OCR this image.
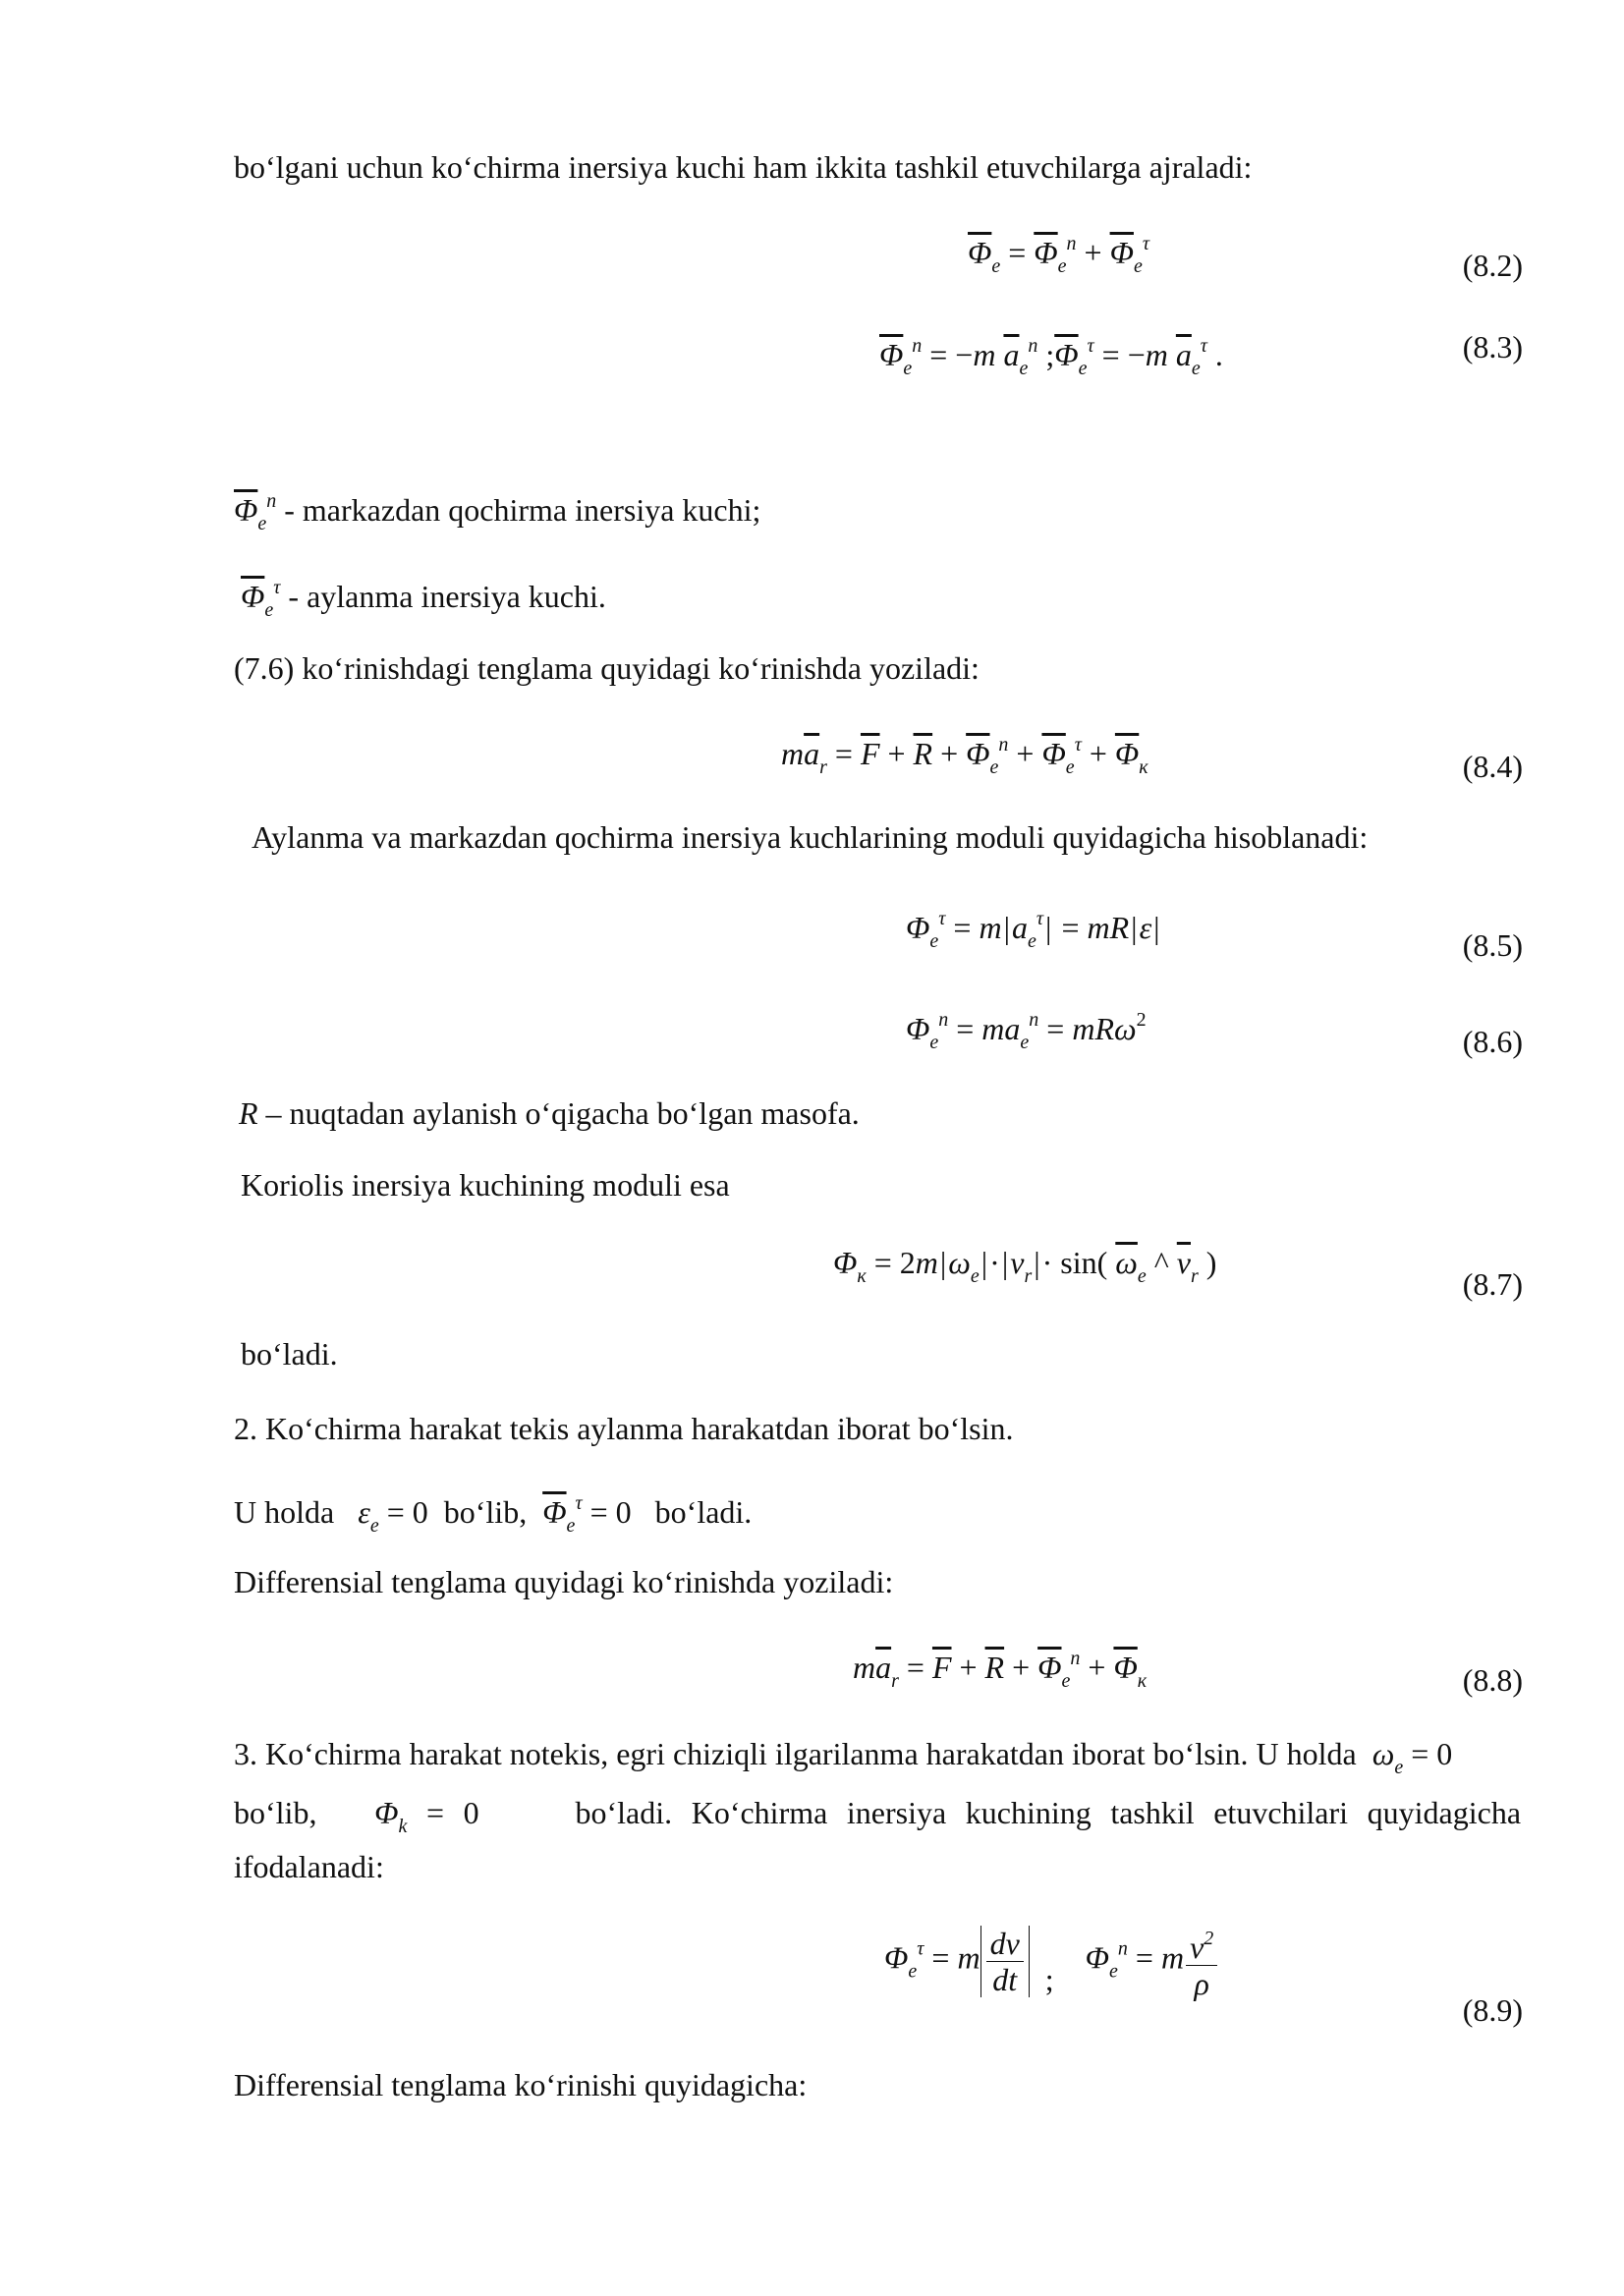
bo‘lgani uchun ko‘chirma inersiya kuchi ham ikkita tashkil etuvchilarga ajraladi:
$\overline{\Phi}_e = \overline{\Phi}_e^n + \overline{\Phi}_e^\tau$
(8.2)
$\overline{\Phi}_e^n = -m$ $\overline{a}_e^n$ $;\overline{\Phi}_e^\tau = -m$ $\overline{a}_e^\tau$ .	(8.3)
$\overline{\Phi}_e^n$ - markazdan qochirma inersiya kuchi;
$\overline{\Phi}_e^\tau$ - aylanma inersiya kuchi.
(7.6) ko‘rinishdagi tenglama quyidagi ko‘rinishda yoziladi:
$m\overline{a}_r = \overline{F} + \overline{R} + \overline{\Phi}_e^n + \overline{\Phi}_e^\tau + \overline{\Phi}_к$	(8.4)
Aylanma va markazdan qochirma inersiya kuchlarining moduli quyidagicha hisoblanadi:
$\Phi_e^\tau = m|a_e^\tau| = mR|\varepsilon|$	(8.5)
$\Phi_e^n = ma_e^n = mR\omega^2$
(8.6)
R – nuqtadan aylanish o‘qigacha bo‘lgan masofa.
Koriolis inersiya kuchining moduli esa
$\Phi_к = 2m|\omega_e|\cdot|v_r|\cdot \sin$( $\overline{\omega}_e$ ^ $\overline{v}_r$ )
(8.7)
bo‘ladi.
2. Ko‘chirma harakat tekis aylanma harakatdan iborat bo‘lsin.
U holda $\varepsilon_e = 0$  bo‘lib, $\overline{\Phi}_e^\tau = 0$   bo‘ladi.
Differensial tenglama quyidagi ko‘rinishda yoziladi:
$m\overline{a}_r = \overline{F} + \overline{R} + \overline{\Phi}_e^n + \overline{\Phi}_к$	(8.8)
3. Ko‘chirma harakat notekis, egri chiziqli ilgarilanma harakatdan iborat bo‘lsin. U holda $\omega_e = 0$
bo‘lib, $\Phi_k = 0$     bo‘ladi. Ko‘chirma inersiya kuchining tashkil etuvchilari quyidagicha
ifodalanadi:
$\Phi_e^\tau = m \frac{dv}{dt}$ ;    $\Phi_e^n = m \frac{v^2}{\rho}$
(8.9)
Differensial tenglama ko‘rinishi quyidagicha:
